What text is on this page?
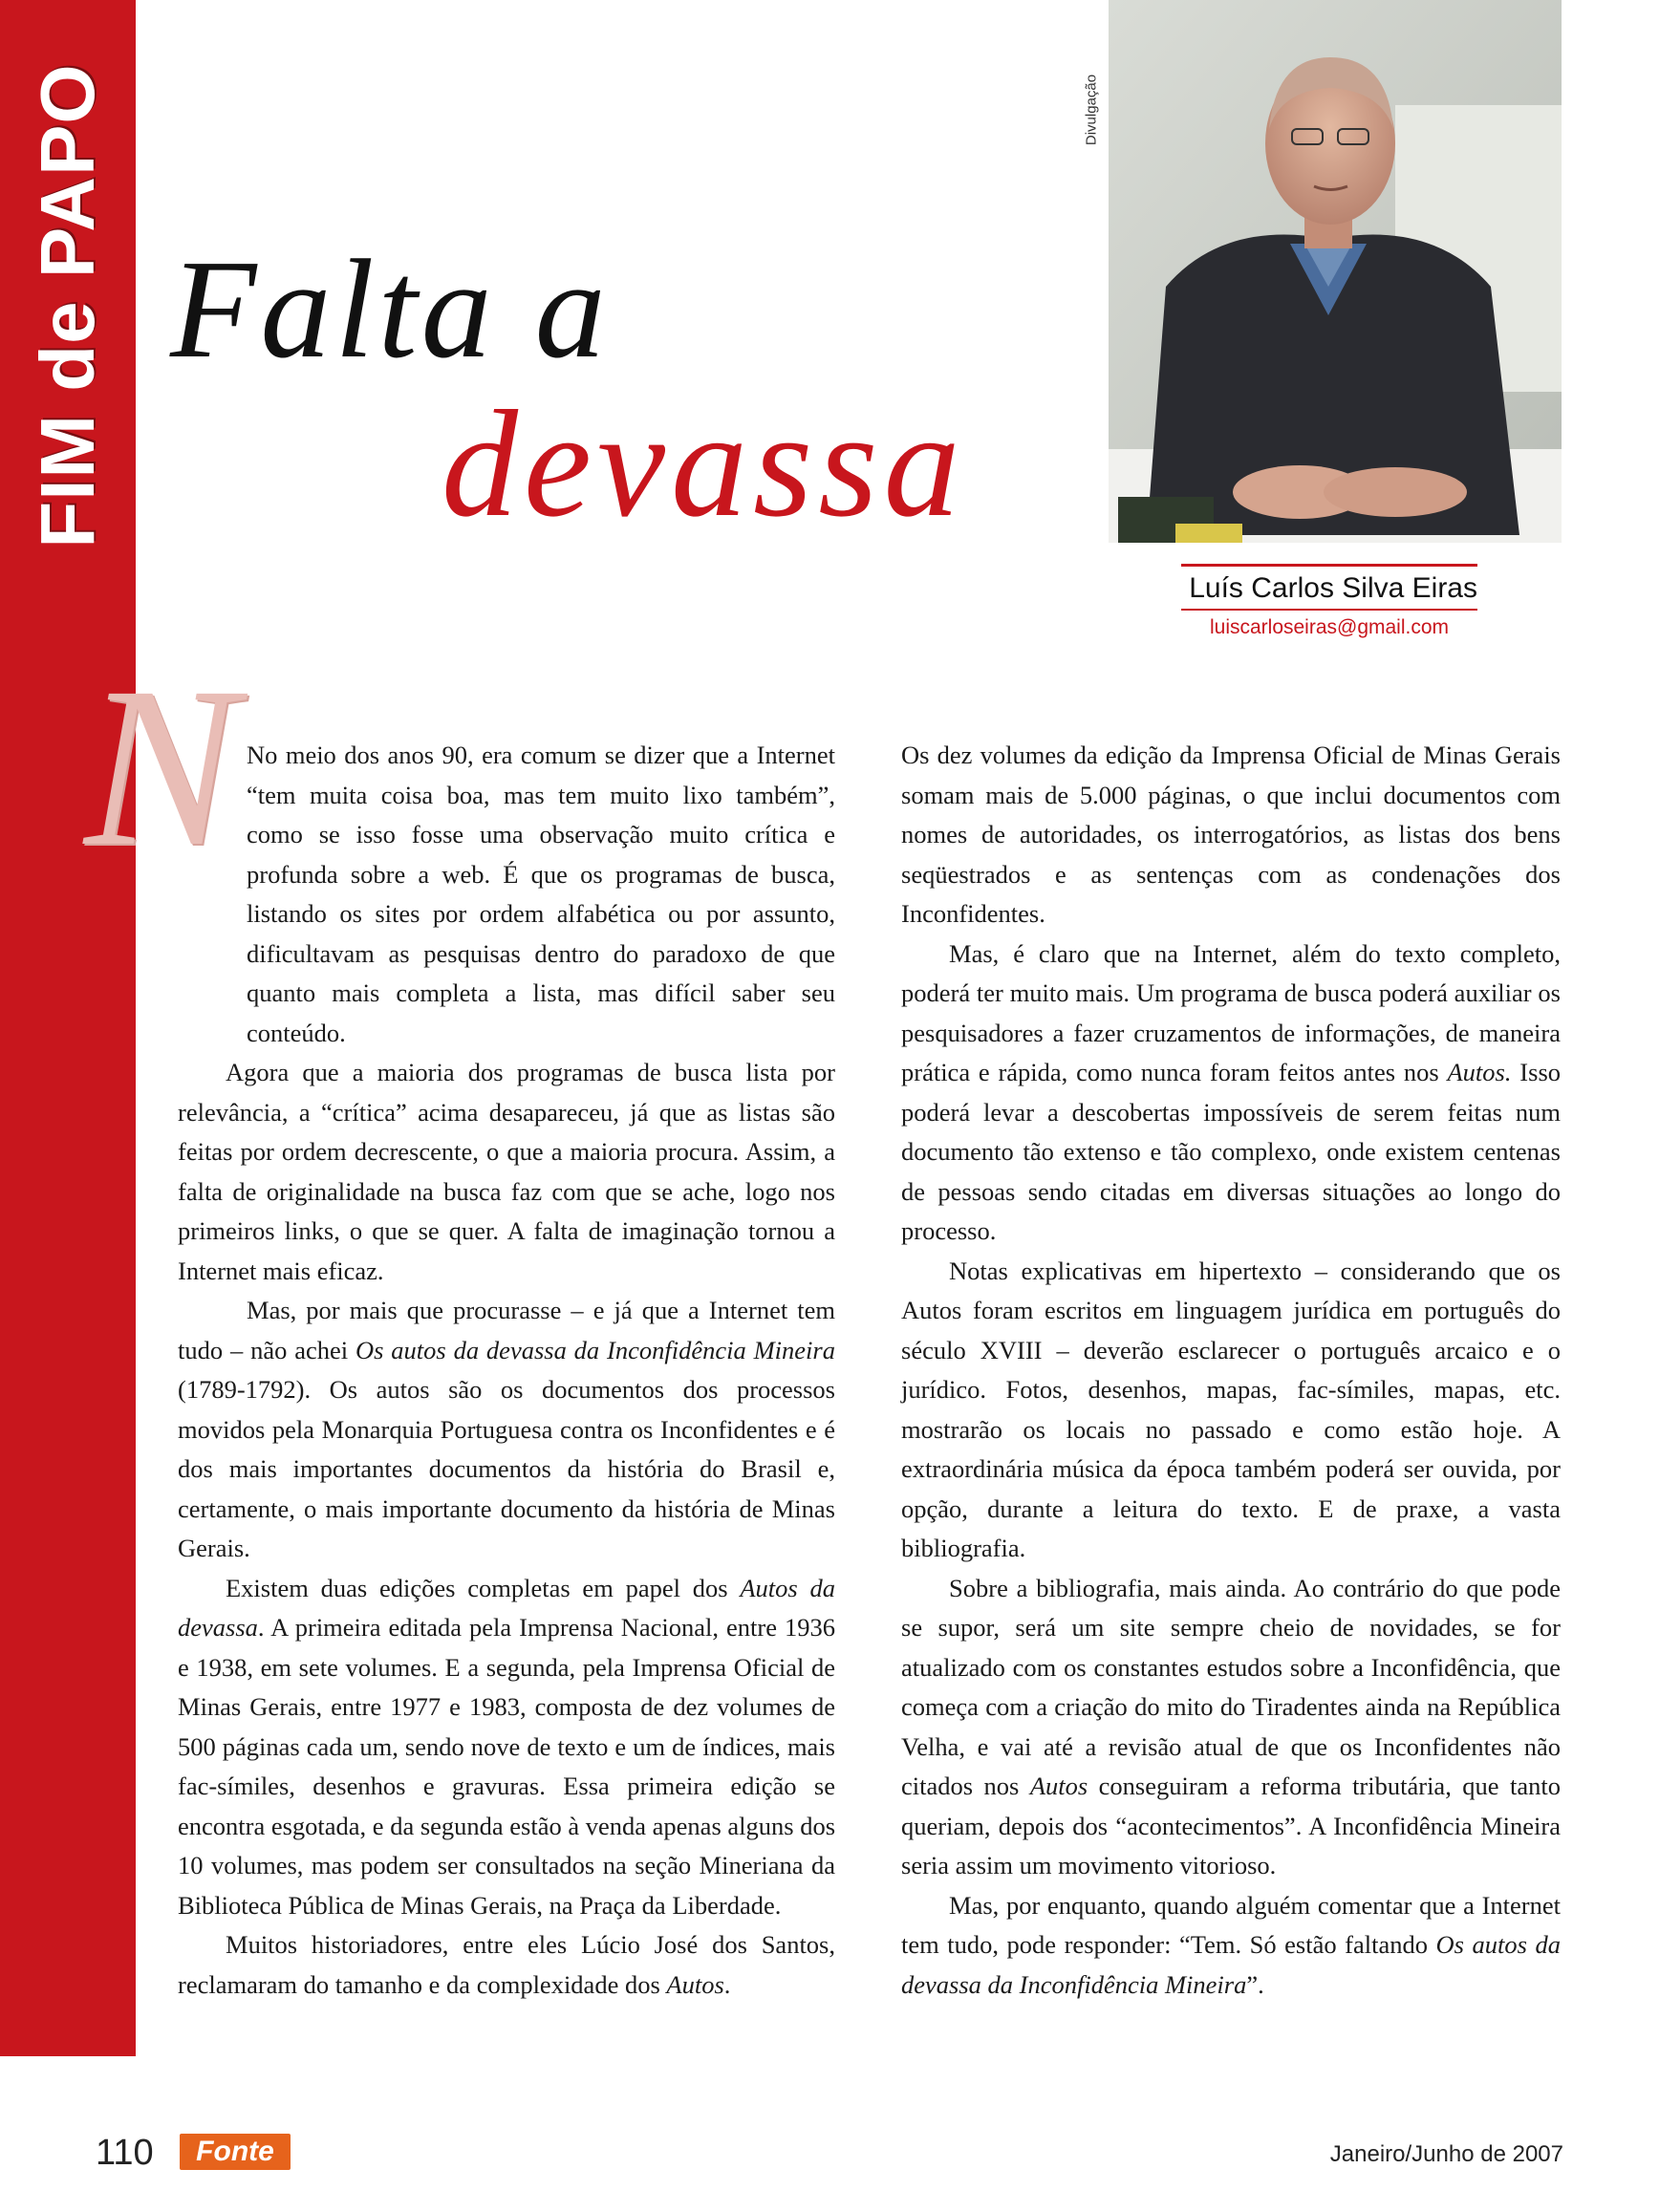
FIM de PAPO Falta a
devassa
Divulgação
Luís Carlos Silva Eiras
luiscarloseiras@gmail.com
N No meio dos anos 90, era comum se dizer que a Internet “tem muita coisa boa, mas tem muito lixo também”, como se isso fosse uma observação muito crítica e profunda sobre a web. É que os programas de busca, listando os sites por ordem alfabética ou por assunto, dificultavam as pesquisas dentro do paradoxo de que quanto mais completa a lista, mas difícil saber seu conteúdo.

Agora que a maioria dos programas de busca lista por relevância, a “crítica” acima desapareceu, já que as listas são feitas por ordem decrescente, o que a maioria procura. Assim, a falta de originalidade na busca faz com que se ache, logo nos primeiros links, o que se quer. A falta de imaginação tornou a Internet mais eficaz.

Mas, por mais que procurasse – e já que a Internet tem tudo – não achei Os autos da devassa da Inconfidência Mineira (1789-1792). Os autos são os documentos dos processos movidos pela Monarquia Portuguesa contra os Inconfidentes e é dos mais importantes documentos da história do Brasil e, certamente, o mais importante documento da história de Minas Gerais.

Existem duas edições completas em papel dos Autos da devassa. A primeira editada pela Imprensa Nacional, entre 1936 e 1938, em sete volumes. E a segunda, pela Imprensa Oficial de Minas Gerais, entre 1977 e 1983, composta de dez volumes de 500 páginas cada um, sendo nove de texto e um de índices, mais fac-símiles, desenhos e gravuras. Essa primeira edição se encontra esgotada, e da segunda estão à venda apenas alguns dos 10 volumes, mas podem ser consultados na seção Mineriana da Biblioteca Pública de Minas Gerais, na Praça da Liberdade.

Muitos historiadores, entre eles Lúcio José dos Santos, reclamaram do tamanho e da complexidade dos Autos.

Os dez volumes da edição da Imprensa Oficial de Minas Gerais somam mais de 5.000 páginas, o que inclui documentos com nomes de autoridades, os interrogatórios, as listas dos bens seqüestrados e as sentenças com as condenações dos Inconfidentes.

Mas, é claro que na Internet, além do texto completo, poderá ter muito mais. Um programa de busca poderá auxiliar os pesquisadores a fazer cruzamentos de informações, de maneira prática e rápida, como nunca foram feitos antes nos Autos. Isso poderá levar a descobertas impossíveis de serem feitas num documento tão extenso e tão complexo, onde existem centenas de pessoas sendo citadas em diversas situações ao longo do processo.

Notas explicativas em hipertexto – considerando que os Autos foram escritos em linguagem jurídica em português do século XVIII – deverão esclarecer o português arcaico e o jurídico. Fotos, desenhos, mapas, fac-símiles, mapas, etc. mostrarão os locais no passado e como estão hoje. A extraordinária música da época também poderá ser ouvida, por opção, durante a leitura do texto. E de praxe, a vasta bibliografia.

Sobre a bibliografia, mais ainda. Ao contrário do que pode se supor, será um site sempre cheio de novidades, se for atualizado com os constantes estudos sobre a Inconfidência, que começa com a criação do mito do Tiradentes ainda na República Velha, e vai até a revisão atual de que os Inconfidentes não citados nos Autos conseguiram a reforma tributária, que tanto queriam, depois dos “acontecimentos”. A Inconfidência Mineira seria assim um movimento vitorioso.

Mas, por enquanto, quando alguém comentar que a Internet tem tudo, pode responder: “Tem. Só estão faltando Os autos da devassa da Inconfidência Mineira”.

110	Fonte	Janeiro/Junho de 2007
